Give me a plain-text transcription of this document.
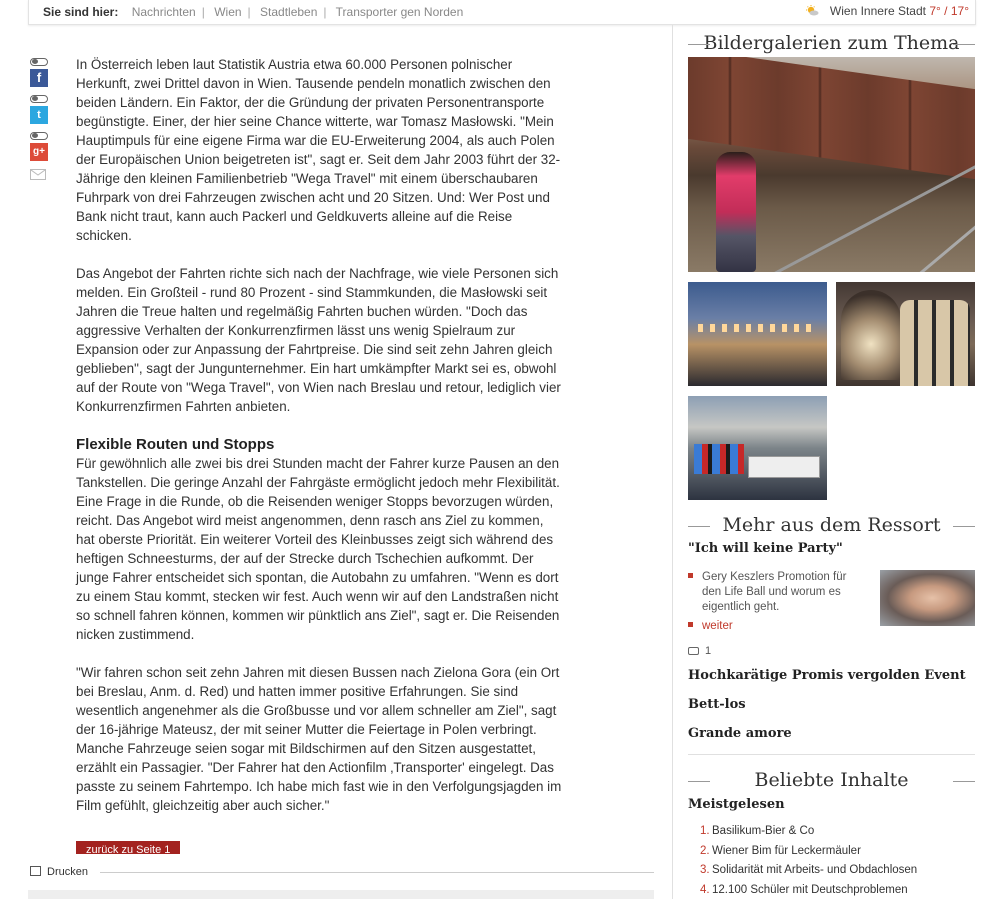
Sie sind hier: Nachrichten | Wien | Stadtleben | Transporter gen Norden	Wien Innere Stadt 7° / 17°
f
t
g+

In Österreich leben laut Statistik Austria etwa 60.000 Personen polnischer Herkunft, zwei Drittel davon in Wien. Tausende pendeln monatlich zwischen den beiden Ländern. Ein Faktor, der die Gründung der privaten Personentransporte begünstigte. Einer, der hier seine Chance witterte, war Tomasz Masłowski. "Mein Hauptimpuls für eine eigene Firma war die EU-Erweiterung 2004, als auch Polen der Europäischen Union beigetreten ist", sagt er. Seit dem Jahr 2003 führt der 32-Jährige den kleinen Familienbetrieb "Wega Travel" mit einem überschaubaren Fuhrpark von drei Fahrzeugen zwischen acht und 20 Sitzen. Und: Wer Post und Bank nicht traut, kann auch Packerl und Geldkuverts alleine auf die Reise schicken.

Das Angebot der Fahrten richte sich nach der Nachfrage, wie viele Personen sich melden. Ein Großteil - rund 80 Prozent - sind Stammkunden, die Masłowski seit Jahren die Treue halten und regelmäßig Fahrten buchen würden. "Doch das aggressive Verhalten der Konkurrenzfirmen lässt uns wenig Spielraum zur Expansion oder zur Anpassung der Fahrtpreise. Die sind seit zehn Jahren gleich geblieben", sagt der Jungunternehmer. Ein hart umkämpfter Markt sei es, obwohl auf der Route von "Wega Travel", von Wien nach Breslau und retour, lediglich vier Konkurrenzfirmen Fahrten anbieten.

Flexible Routen und Stopps

Für gewöhnlich alle zwei bis drei Stunden macht der Fahrer kurze Pausen an den Tankstellen. Die geringe Anzahl der Fahrgäste ermöglicht jedoch mehr Flexibilität. Eine Frage in die Runde, ob die Reisenden weniger Stopps bevorzugen würden, reicht. Das Angebot wird meist angenommen, denn rasch ans Ziel zu kommen, hat oberste Priorität. Ein weiterer Vorteil des Kleinbusses zeigt sich während des heftigen Schneesturms, der auf der Strecke durch Tschechien aufkommt. Der junge Fahrer entscheidet sich spontan, die Autobahn zu umfahren. "Wenn es dort zu einem Stau kommt, stecken wir fest. Auch wenn wir auf den Landstraßen nicht so schnell fahren können, kommen wir pünktlich ans Ziel", sagt er. Die Reisenden nicken zustimmend.

"Wir fahren schon seit zehn Jahren mit diesen Bussen nach Zielona Gora (ein Ort bei Breslau, Anm. d. Red) und hatten immer positive Erfahrungen. Sie sind wesentlich angenehmer als die Großbusse und vor allem schneller am Ziel", sagt der 16-jährige Mateusz, der mit seiner Mutter die Feiertage in Polen verbringt. Manche Fahrzeuge seien sogar mit Bildschirmen auf den Sitzen ausgestattet, erzählt ein Passagier. "Der Fahrer hat den Actionfilm ‚Transporter' eingelegt. Das passte zu seinem Fahrtempo. Ich habe mich fast wie in den Verfolgungsjagden im Film gefühlt, gleichzeitig aber auch sicher."

zurück zu Seite 1
Drucken
Bildergalerien zum Thema
Mehr aus dem Ressort
"Ich will keine Party"
Gery Keszlers Promotion für den Life Ball und worum es eigentlich geht.
weiter
1
Hochkarätige Promis vergolden Event
Bett-los
Grande amore
Beliebte Inhalte
Meistgelesen
1. Basilikum-Bier & Co
2. Wiener Bim für Leckermäuler
3. Solidarität mit Arbeits- und Obdachlosen
4. 12.100 Schüler mit Deutschproblemen
